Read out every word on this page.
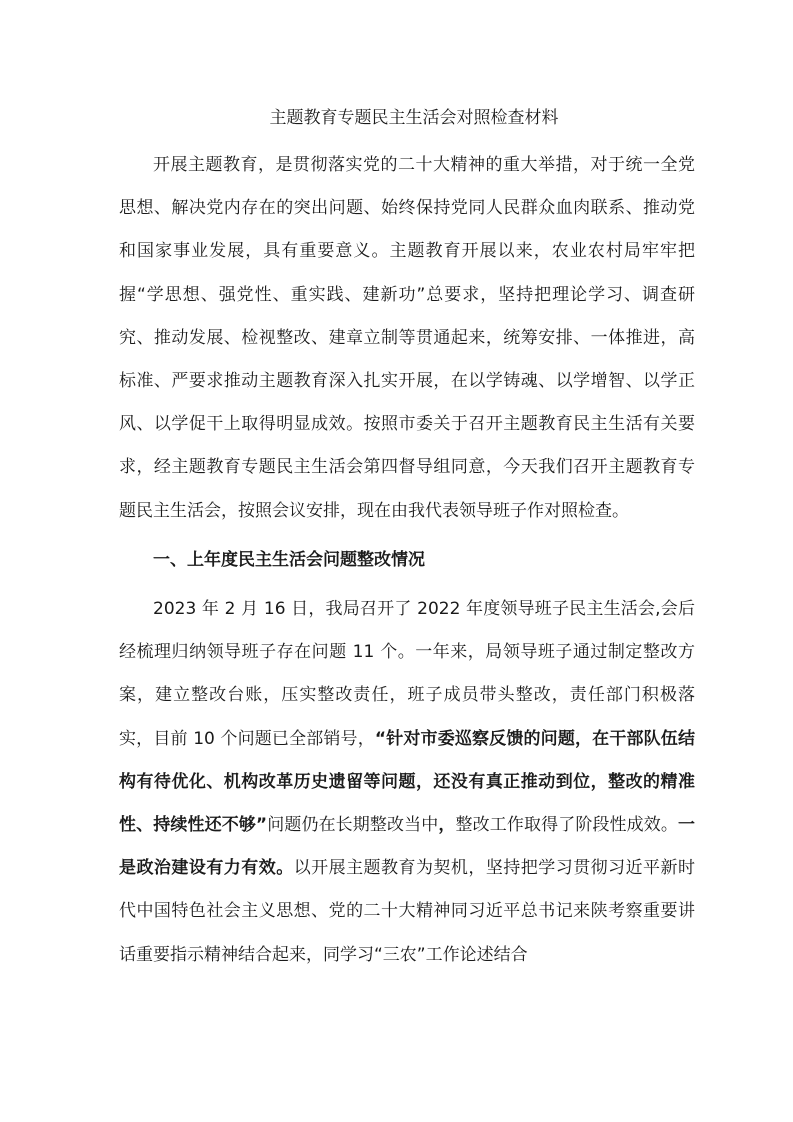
主题教育专题民主生活会对照检查材料

开展主题教育，是贯彻落实党的二十大精神的重大举措，对于统一全党思想、解决党内存在的突出问题、始终保持党同人民群众血肉联系、推动党和国家事业发展，具有重要意义。主题教育开展以来，农业农村局牢牢把握“学思想、强党性、重实践、建新功”总要求，坚持把理论学习、调查研究、推动发展、检视整改、建章立制等贯通起来，统筹安排、一体推进，高标准、严要求推动主题教育深入扎实开展，在以学铸魂、以学增智、以学正风、以学促干上取得明显成效。按照市委关于召开主题教育民主生活有关要求，经主题教育专题民主生活会第四督导组同意，今天我们召开主题教育专题民主生活会，按照会议安排，现在由我代表领导班子作对照检查。

一、上年度民主生活会问题整改情况

2023 年 2 月 16 日，我局召开了 2022 年度领导班子民主生活会,会后经梳理归纳领导班子存在问题 11 个。一年来，局领导班子通过制定整改方案，建立整改台账，压实整改责任，班子成员带头整改，责任部门积极落实，目前 10 个问题已全部销号，“针对市委巡察反馈的问题，在干部队伍结构有待优化、机构改革历史遗留等问题，还没有真正推动到位，整改的精准性、持续性还不够”问题仍在长期整改当中，整改工作取得了阶段性成效。一是政治建设有力有效。以开展主题教育为契机，坚持把学习贯彻习近平新时代中国特色社会主义思想、党的二十大精神同习近平总书记来陕考察重要讲话重要指示精神结合起来，同学习“三农”工作论述结合
